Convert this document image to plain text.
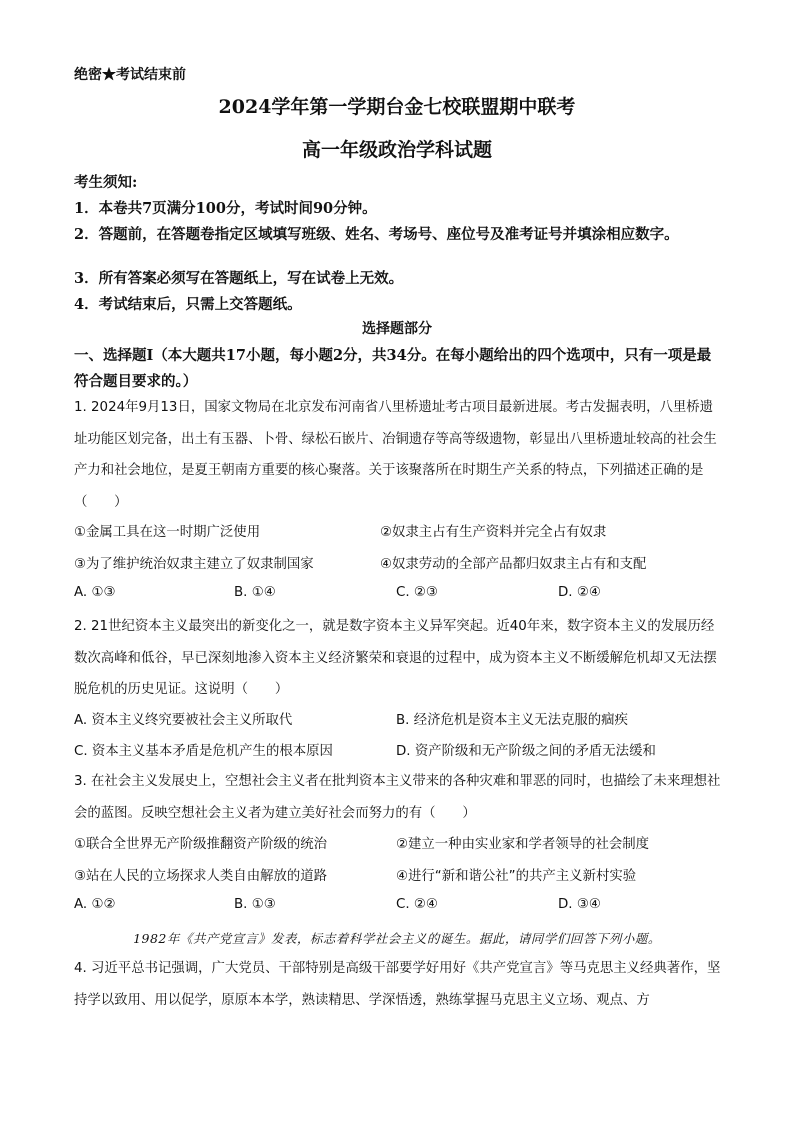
绝密★考试结束前
2024学年第一学期台金七校联盟期中联考
高一年级政治学科试题
考生须知:
1．本卷共7页满分100分，考试时间90分钟。
2．答题前，在答题卷指定区域填写班级、姓名、考场号、座位号及准考证号并填涂相应数字。
3．所有答案必须写在答题纸上，写在试卷上无效。
4．考试结束后，只需上交答题纸。
选择题部分
一、选择题Ⅰ（本大题共17小题，每小题2分，共34分。在每小题给出的四个选项中，只有一项是最符合题目要求的。）
1. 2024年9月13日，国家文物局在北京发布河南省八里桥遗址考古项目最新进展。考古发掘表明，八里桥遗址功能区划完备，出土有玉器、卜骨、绿松石嵌片、冶铜遗存等高等级遗物，彰显出八里桥遗址较高的社会生产力和社会地位，是夏王朝南方重要的核心聚落。关于该聚落所在时期生产关系的特点，下列描述正确的是（　　）
①金属工具在这一时期广泛使用	②奴隶主占有生产资料并完全占有奴隶
③为了维护统治奴隶主建立了奴隶制国家	④奴隶劳动的全部产品都归奴隶主占有和支配
A. ①③	B. ①④	C. ②③	D. ②④
2. 21世纪资本主义最突出的新变化之一，就是数字资本主义异军突起。近40年来，数字资本主义的发展历经数次高峰和低谷，早已深刻地渗入资本主义经济繁荣和衰退的过程中，成为资本主义不断缓解危机却又无法摆脱危机的历史见证。这说明（　　）
A. 资本主义终究要被社会主义所取代	B. 经济危机是资本主义无法克服的痼疾
C. 资本主义基本矛盾是危机产生的根本原因	D. 资产阶级和无产阶级之间的矛盾无法缓和
3. 在社会主义发展史上，空想社会主义者在批判资本主义带来的各种灾难和罪恶的同时，也描绘了未来理想社会的蓝图。反映空想社会主义者为建立美好社会而努力的有（　　）
①联合全世界无产阶级推翻资产阶级的统治	②建立一种由实业家和学者领导的社会制度
③站在人民的立场探求人类自由解放的道路	④进行“新和谐公社”的共产主义新村实验
A. ①②	B. ①③	C. ②④	D. ③④
1982年《共产党宣言》发表，标志着科学社会主义的诞生。据此，请同学们回答下列小题。
4. 习近平总书记强调，广大党员、干部特别是高级干部要学好用好《共产党宣言》等马克思主义经典著作，坚持学以致用、用以促学，原原本本学，熟读精思、学深悟透，熟练掌握马克思主义立场、观点、方
